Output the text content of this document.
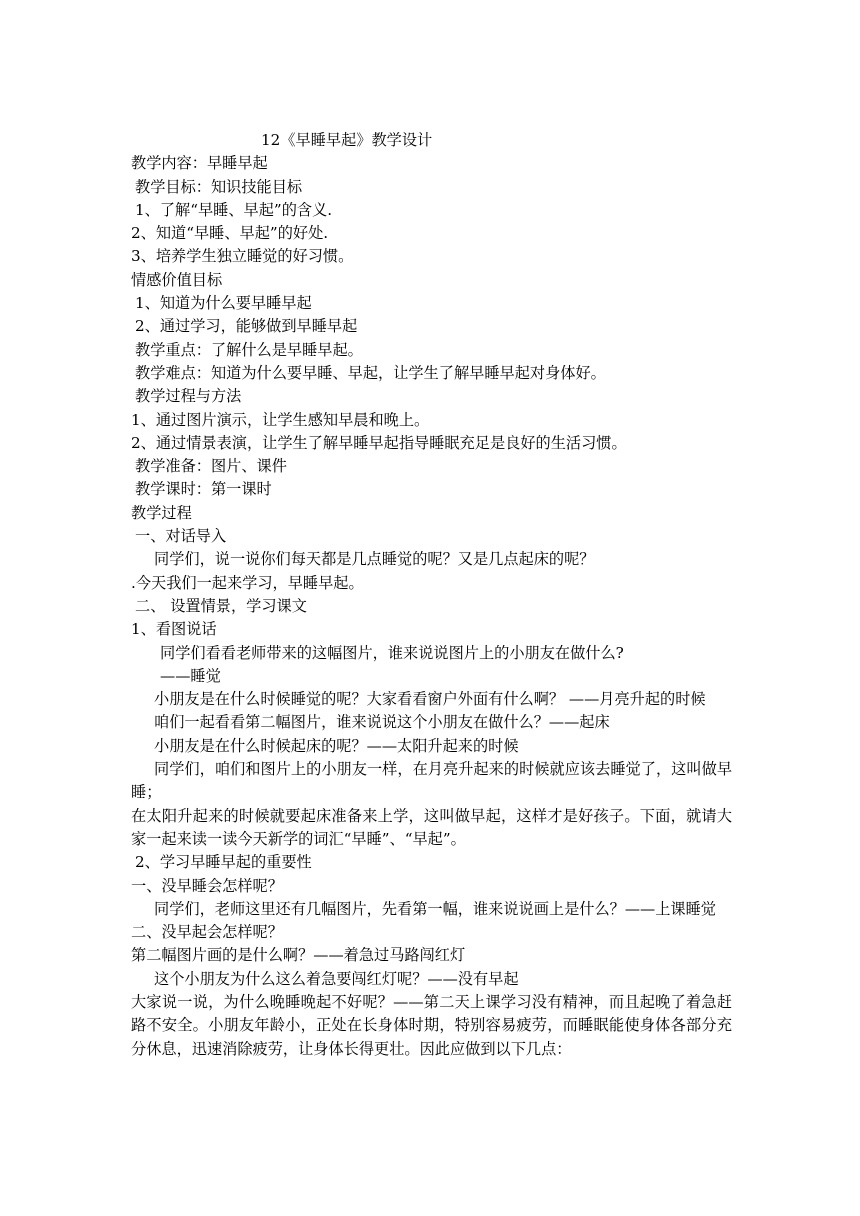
12《早睡早起》教学设计
教学内容：早睡早起
教学目标：知识技能目标
1、了解“早睡、早起”的含义.
2、知道“早睡、早起”的好处.
3、培养学生独立睡觉的好习惯。
情感价值目标
1、知道为什么要早睡早起
2、通过学习，能够做到早睡早起
教学重点：了解什么是早睡早起。
教学难点：知道为什么要早睡、早起，让学生了解早睡早起对身体好。
教学过程与方法
1、通过图片演示，让学生感知早晨和晚上。
2、通过情景表演，让学生了解早睡早起指导睡眠充足是良好的生活习惯。
教学准备：图片、课件
教学课时：第一课时
教学过程
一、对话导入
同学们，说一说你们每天都是几点睡觉的呢？又是几点起床的呢？
.今天我们一起来学习，早睡早起。
二、 设置情景，学习课文
1、看图说话
同学们看看老师带来的这幅图片，谁来说说图片上的小朋友在做什么?
——睡觉
小朋友是在什么时候睡觉的呢？大家看看窗户外面有什么啊？ ——月亮升起的时候
咱们一起看看第二幅图片，谁来说说这个小朋友在做什么？——起床
小朋友是在什么时候起床的呢？——太阳升起来的时候
同学们，咱们和图片上的小朋友一样，在月亮升起来的时候就应该去睡觉了，这叫做早睡；
在太阳升起来的时候就要起床准备来上学，这叫做早起，这样才是好孩子。下面，就请大家一起来读一读今天新学的词汇“早睡”、“早起”。
2、学习早睡早起的重要性
一、没早睡会怎样呢？
同学们，老师这里还有几幅图片，先看第一幅，谁来说说画上是什么？——上课睡觉
二、没早起会怎样呢？
第二幅图片画的是什么啊？——着急过马路闯红灯
这个小朋友为什么这么着急要闯红灯呢？——没有早起
大家说一说，为什么晚睡晚起不好呢？——第二天上课学习没有精神，而且起晚了着急赶路不安全。小朋友年龄小，正处在长身体时期，特别容易疲劳，而睡眠能使身体各部分充分休息，迅速消除疲劳，让身体长得更壮。因此应做到以下几点：
